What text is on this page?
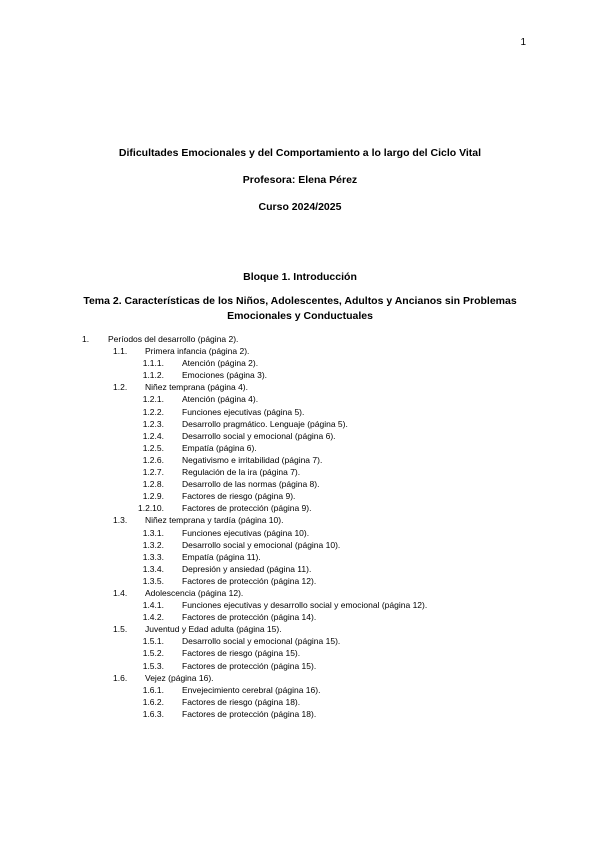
1
Dificultades Emocionales y del Comportamiento a lo largo del Ciclo Vital
Profesora: Elena Pérez
Curso 2024/2025
Bloque 1. Introducción
Tema 2. Características de los Niños, Adolescentes, Adultos y Ancianos sin Problemas Emocionales y Conductuales
1. Períodos del desarrollo (página 2).
1.1. Primera infancia (página 2).
1.1.1. Atención (página 2).
1.1.2. Emociones (página 3).
1.2. Niñez temprana (página 4).
1.2.1. Atención (página 4).
1.2.2. Funciones ejecutivas (página 5).
1.2.3. Desarrollo pragmático. Lenguaje (página 5).
1.2.4. Desarrollo social y emocional (página 6).
1.2.5. Empatía (página 6).
1.2.6. Negativismo e irritabilidad (página 7).
1.2.7. Regulación de la ira (página 7).
1.2.8. Desarrollo de las normas (página 8).
1.2.9. Factores de riesgo (página 9).
1.2.10. Factores de protección (página 9).
1.3. Niñez temprana y tardía (página 10).
1.3.1. Funciones ejecutivas (página 10).
1.3.2. Desarrollo social y emocional (página 10).
1.3.3. Empatía (página 11).
1.3.4. Depresión y ansiedad (página 11).
1.3.5. Factores de protección (página 12).
1.4. Adolescencia (página 12).
1.4.1. Funciones ejecutivas y desarrollo social y emocional (página 12).
1.4.2. Factores de protección (página 14).
1.5. Juventud y Edad adulta (página 15).
1.5.1. Desarrollo social y emocional (página 15).
1.5.2. Factores de riesgo (página 15).
1.5.3. Factores de protección (página 15).
1.6. Vejez (página 16).
1.6.1. Envejecimiento cerebral (página 16).
1.6.2. Factores de riesgo (página 18).
1.6.3. Factores de protección (página 18).
